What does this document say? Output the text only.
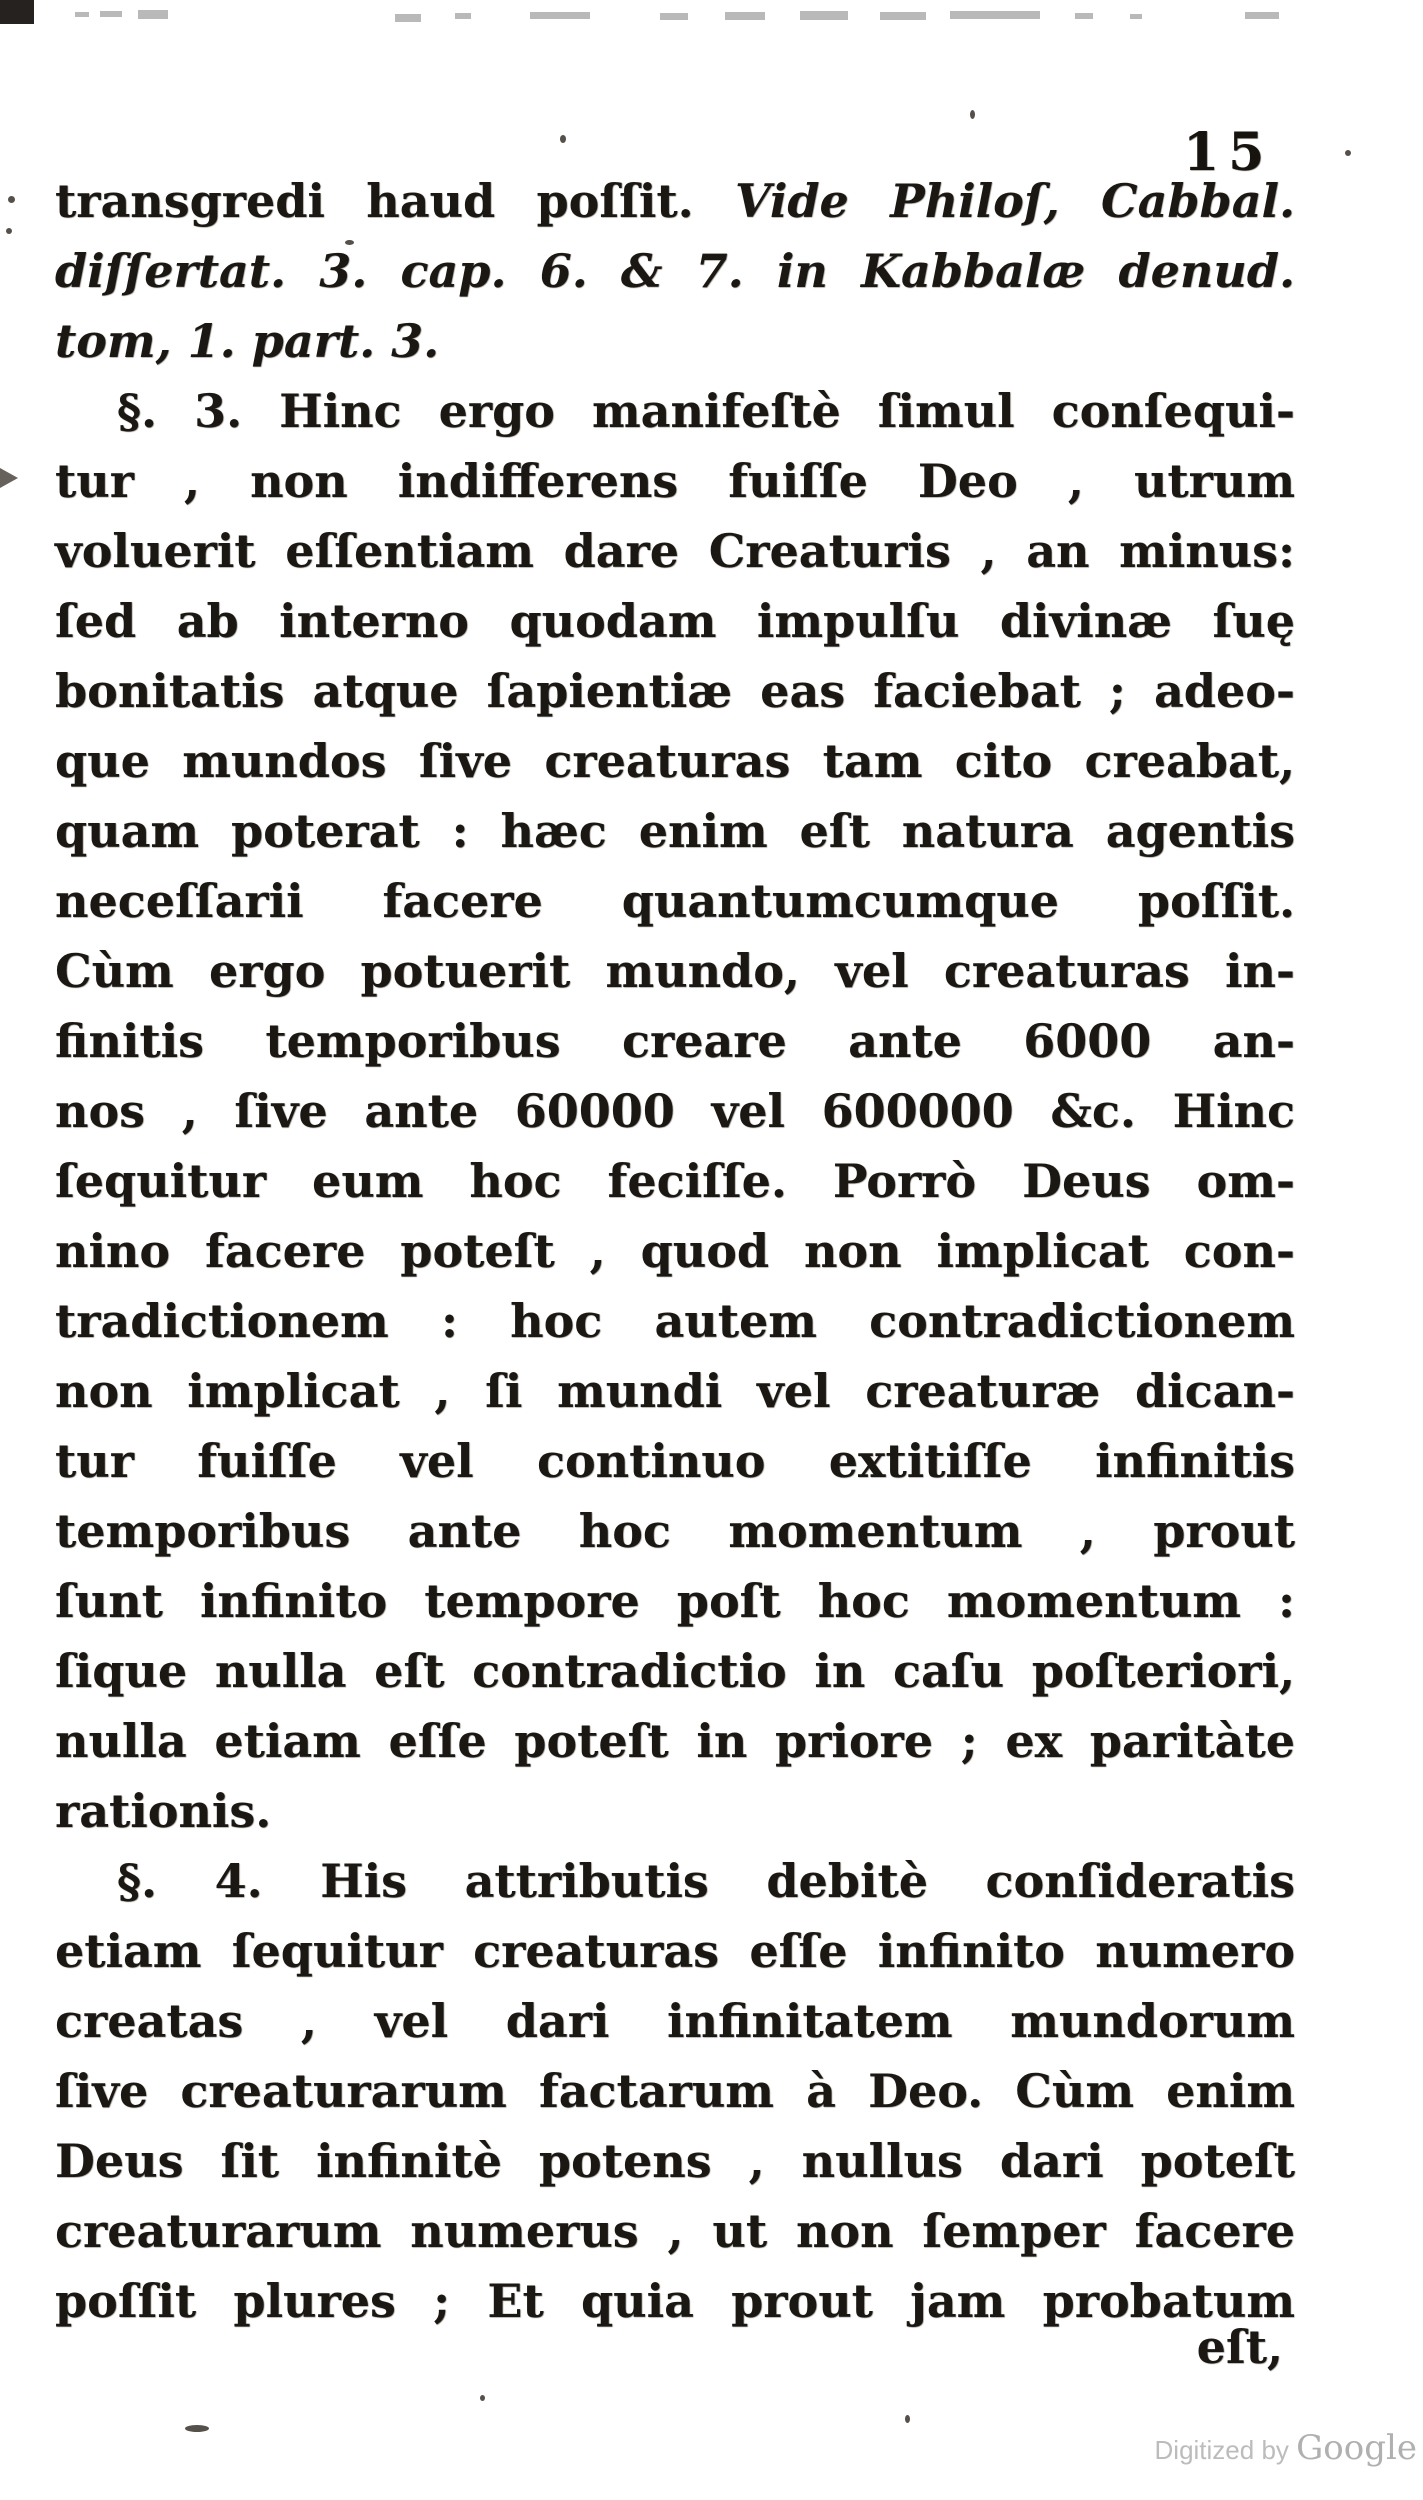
15
transgredi haud poſſit. Vide Philoſ, Cabbal.
diſſertat. 3. cap. 6. & 7. in Kabbalæ denud.
tom, 1. part. 3.
§. 3. Hinc ergo manifeſtè ſimul conſequi-
tur , non indifferens fuiſſe Deo , utrum
voluerit eſſentiam dare Creaturis , an minus:
ſed ab interno quodam impulſu divinæ ſuę
bonitatis atque ſapientiæ eas faciebat ; adeo-
que mundos ſive creaturas tam cito creabat,
quam poterat : hæc enim eſt natura agentis
neceſſarii facere quantumcumque poſſit.
Cùm ergo potuerit mundo, vel creaturas in-
finitis temporibus creare ante 6000 an-
nos , ſive ante 60000 vel 600000 &c. Hinc
ſequitur eum hoc feciſſe. Porrò Deus om-
nino facere poteſt , quod non implicat con-
tradictionem : hoc autem contradictionem
non implicat , ſi mundi vel creaturæ dican-
tur fuiſſe vel continuo extitiſſe infinitis
temporibus ante hoc momentum , prout
ſunt infinito tempore poſt hoc momentum :
ſique nulla eſt contradictio in caſu poſteriori,
nulla etiam eſſe poteſt in priore ; ex paritàte
rationis.
§. 4. His attributis debitè conſideratis
etiam ſequitur creaturas eſſe infinito numero
creatas , vel dari infinitatem mundorum
ſive creaturarum factarum à Deo. Cùm enim
Deus ſit infinitè potens , nullus dari poteſt
creaturarum numerus , ut non ſemper facere
poſſit plures ; Et quia prout jam probatum
eſt,
Digitized by Google
